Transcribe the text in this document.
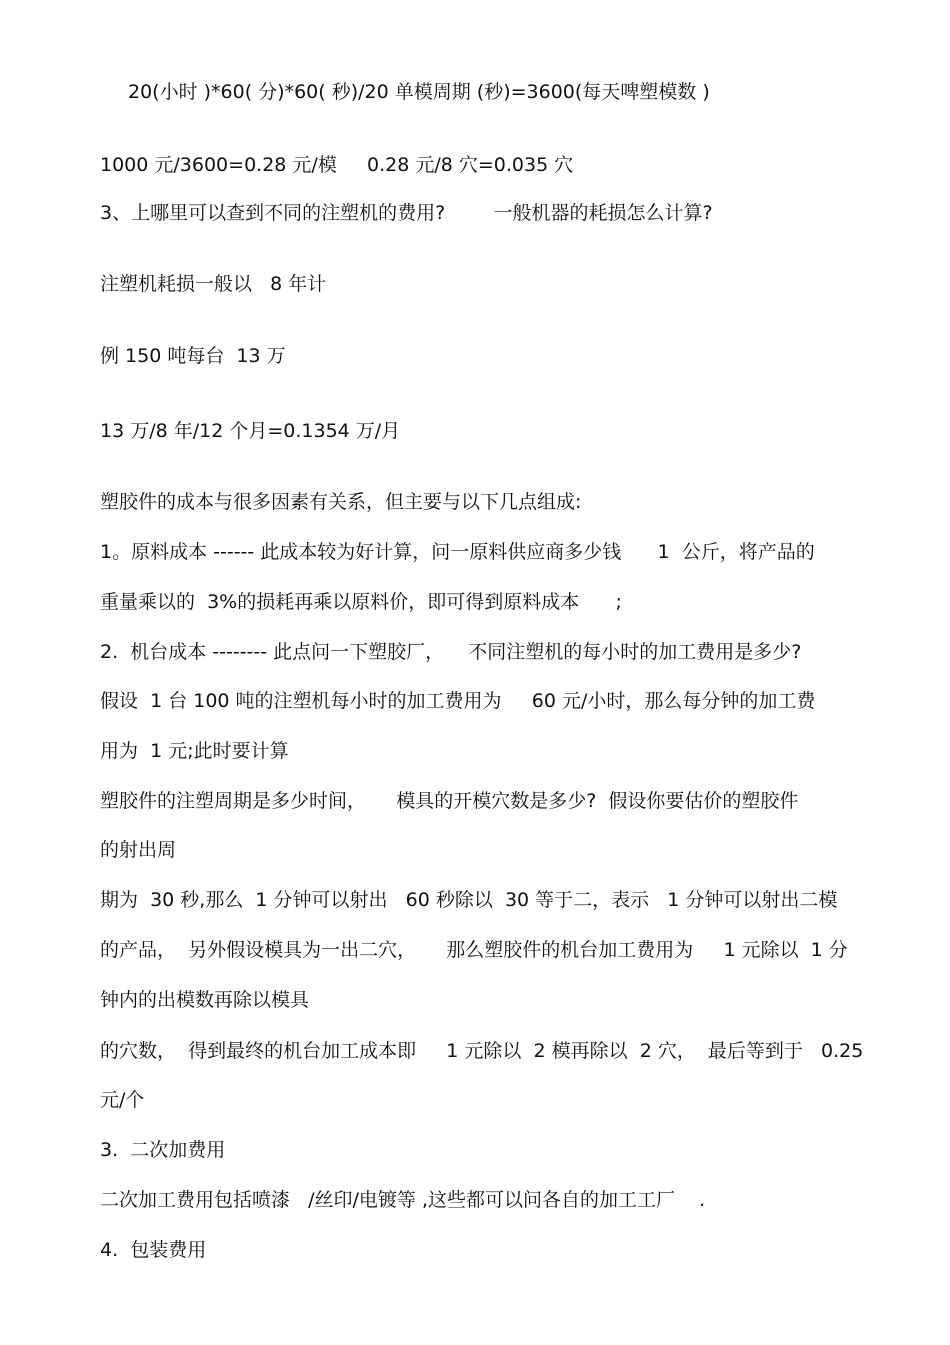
20(小时 )*60( 分)*60( 秒)/20 单模周期 (秒)=3600(每天啤塑模数 )
1000 元/3600=0.28 元/模     0.28 元/8 穴=0.035 穴
3、上哪里可以查到不同的注塑机的费用?        一般机器的耗损怎么计算?
注塑机耗损一般以   8 年计
例 150 吨每台  13 万
13 万/8 年/12 个月=0.1354 万/月
塑胶件的成本与很多因素有关系，但主要与以下几点组成:
1。原料成本 ------ 此成本较为好计算，问一原料供应商多少钱      1  公斤，将产品的
重量乘以的  3%的损耗再乘以原料价，即可得到原料成本      ;
2.  机台成本 -------- 此点问一下塑胶厂，    不同注塑机的每小时的加工费用是多少?
假设  1 台 100 吨的注塑机每小时的加工费用为     60 元/小时，那么每分钟的加工费
用为  1 元;此时要计算
塑胶件的注塑周期是多少时间，     模具的开模穴数是多少?  假设你要估价的塑胶件
的射出周
期为  30 秒,那么  1 分钟可以射出   60 秒除以  30 等于二，表示   1 分钟可以射出二模
的产品，  另外假设模具为一出二穴，     那么塑胶件的机台加工费用为     1 元除以  1 分
钟内的出模数再除以模具
的穴数，  得到最终的机台加工成本即     1 元除以  2 模再除以  2 穴，  最后等到于   0.25
元/个
3.  二次加费用
二次加工费用包括喷漆   /丝印/电镀等 ,这些都可以问各自的加工工厂    .
4.  包装费用
